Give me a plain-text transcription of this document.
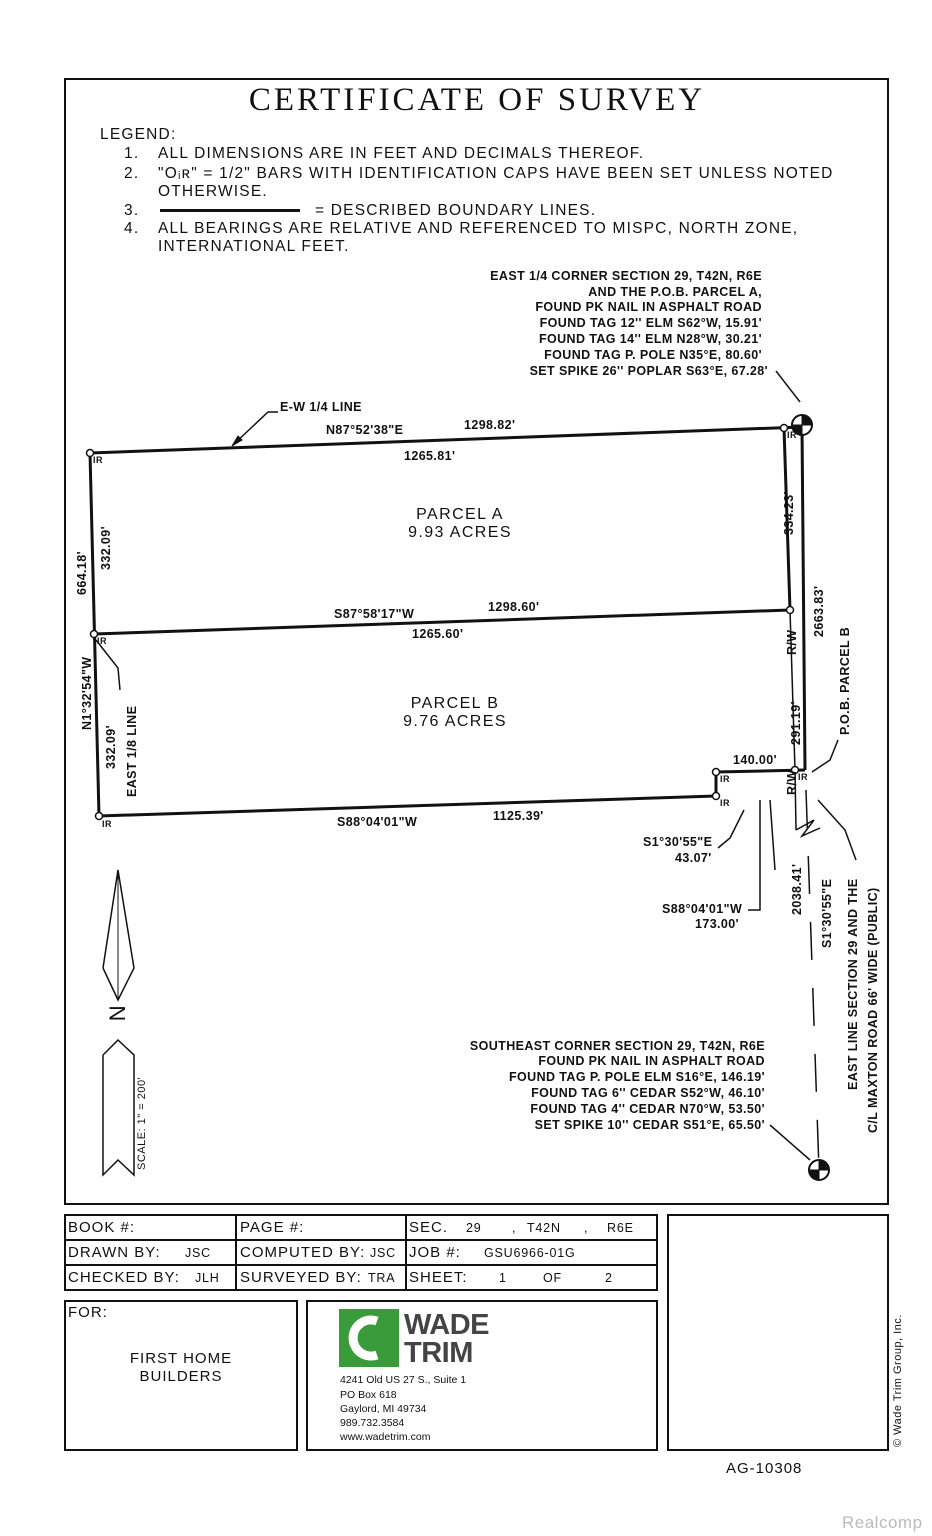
CERTIFICATE OF SURVEY
LEGEND:
1. ALL DIMENSIONS ARE IN FEET AND DECIMALS THEREOF.
2. "Oᵢʀ" = 1/2" BARS WITH IDENTIFICATION CAPS HAVE BEEN SET UNLESS NOTED
OTHERWISE.
3.	= DESCRIBED BOUNDARY LINES.
4. ALL BEARINGS ARE RELATIVE AND REFERENCED TO MISPC, NORTH ZONE,
INTERNATIONAL FEET.
EAST 1/4 CORNER SECTION 29, T42N, R6E
AND THE P.O.B. PARCEL A,
FOUND PK NAIL IN ASPHALT ROAD
FOUND TAG 12'' ELM S62°W, 15.91'
FOUND TAG 14'' ELM N28°W, 30.21'
FOUND TAG P. POLE N35°E, 80.60'
SET SPIKE 26'' POPLAR S63°E, 67.28'
SOUTHEAST CORNER SECTION 29, T42N, R6E
FOUND PK NAIL IN ASPHALT ROAD
FOUND TAG P. POLE ELM S16°E, 146.19'
FOUND TAG 6'' CEDAR S52°W, 46.10'
FOUND TAG 4'' CEDAR N70°W, 53.50'
SET SPIKE 10'' CEDAR S51°E, 65.50'
E-W 1/4 LINE
N87°52'38"E	1298.82'
1265.81'
PARCEL A
9.93 ACRES
S87°58'17"W	1298.60'
1265.60'
PARCEL B
9.76 ACRES
S88°04'01"W	1125.39'
664.18'
332.09'
N1°32'54"W
332.09' EAST 1/8 LINE
334.23'
2663.83'
R/W
291.19'
R/W
P.O.B. PARCEL B
140.00'
S1°30'55"E
43.07'
S88°04'01"W
173.00'
2038.41' S1°30'55"E EAST LINE SECTION 29 AND THE C/L MAXTON ROAD 66' WIDE (PUBLIC)
IR
IR
IR
IR
IR
IR
IR
N
SCALE: 1" = 200'
BOOK #:	PAGE #:	SEC. 29 , T42N , R6E
DRAWN BY: JSC COMPUTED BY: JSC JOB #: GSU6966-01G
CHECKED BY: JLH SURVEYED BY: TRA SHEET:	1	OF	2
FOR:
FIRST HOME
BUILDERS
WADE
TRIM
4241 Old US 27 S., Suite 1
PO Box 618
Gaylord, MI 49734
989.732.3584
www.wadetrim.com	© Wade Trim Group, Inc.
AG-10308
Realcomp
